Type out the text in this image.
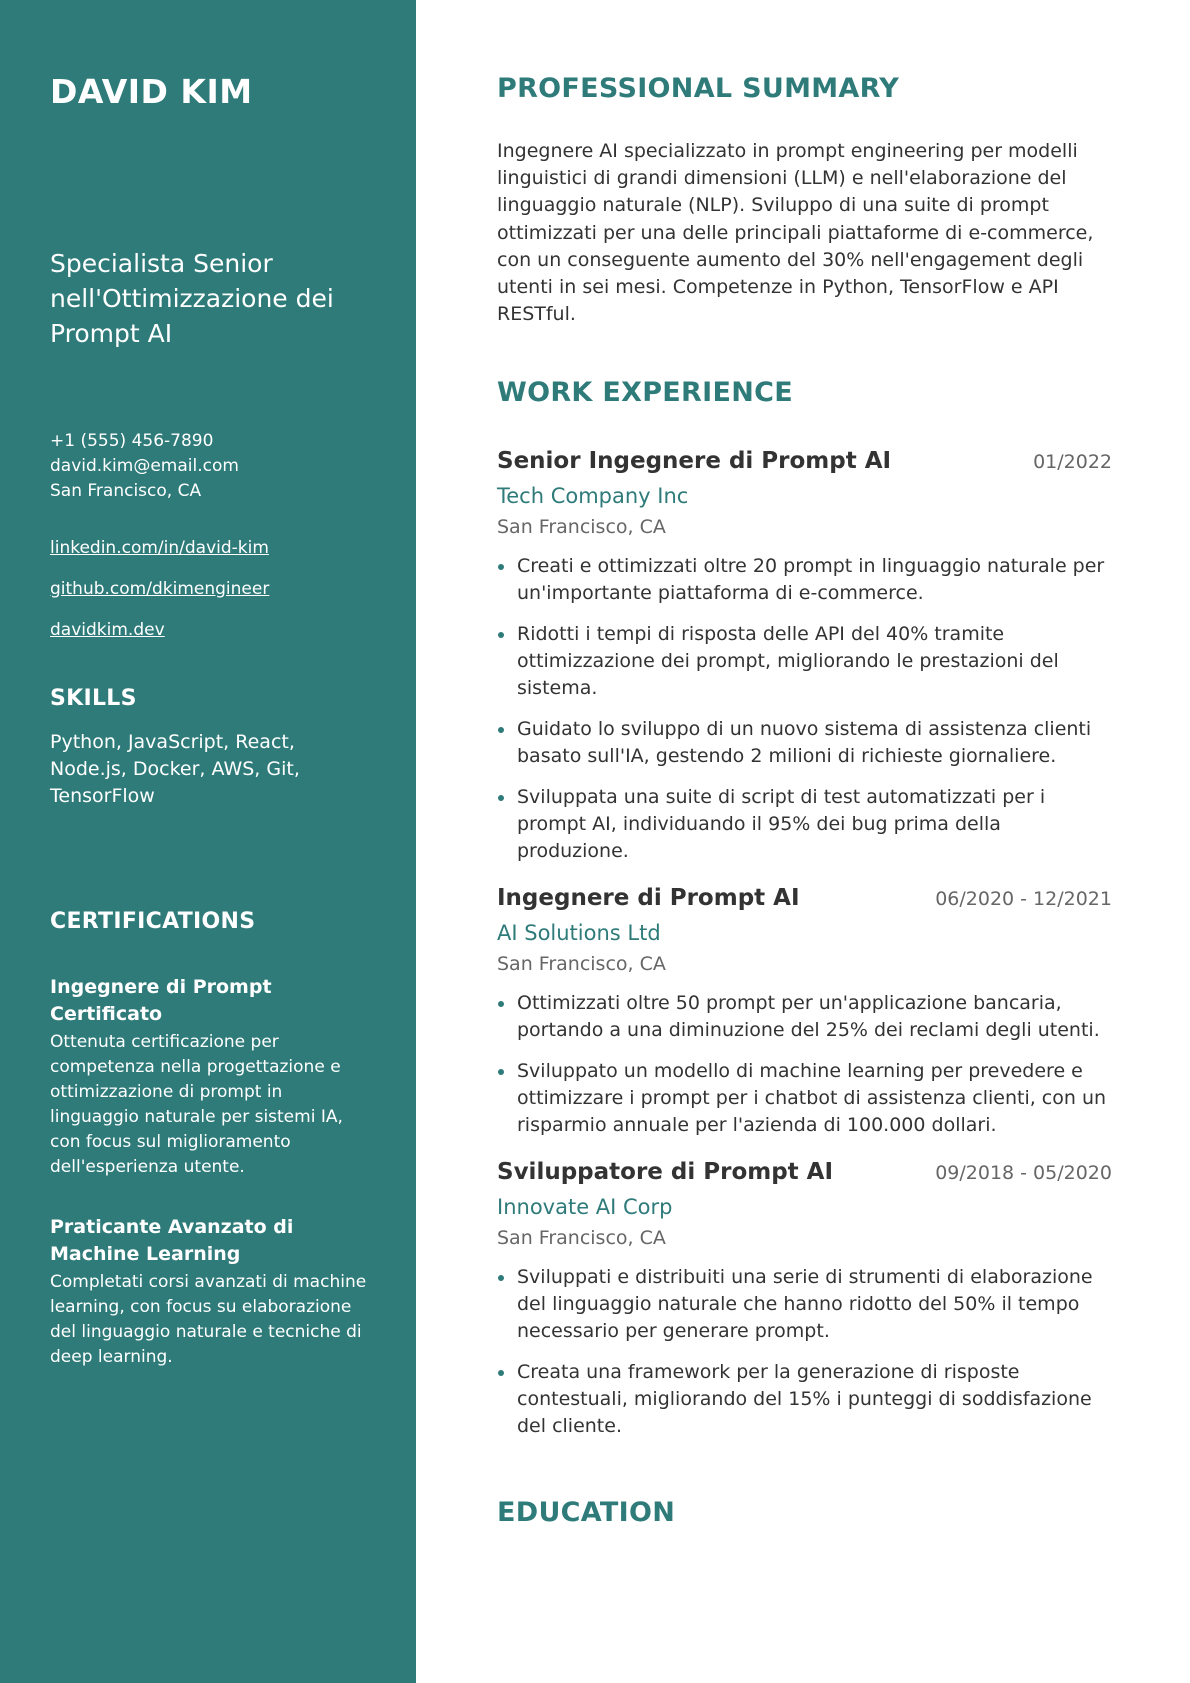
DAVID KIM
Specialista Senior nell'Ottimizzazione dei Prompt AI
+1 (555) 456-7890
david.kim@email.com
San Francisco, CA
linkedin.com/in/david-kim
github.com/dkimengineer
davidkim.dev
SKILLS
Python, JavaScript, React, Node.js, Docker, AWS, Git, TensorFlow
CERTIFICATIONS
Ingegnere di Prompt Certificato
Ottenuta certificazione per competenza nella progettazione e ottimizzazione di prompt in linguaggio naturale per sistemi IA, con focus sul miglioramento dell'esperienza utente.
Praticante Avanzato di Machine Learning
Completati corsi avanzati di machine learning, con focus su elaborazione del linguaggio naturale e tecniche di deep learning.
PROFESSIONAL SUMMARY

Ingegnere AI specializzato in prompt engineering per modelli linguistici di grandi dimensioni (LLM) e nell'elaborazione del linguaggio naturale (NLP). Sviluppo di una suite di prompt ottimizzati per una delle principali piattaforme di e-commerce, con un conseguente aumento del 30% nell'engagement degli utenti in sei mesi. Competenze in Python, TensorFlow e API RESTful.

WORK EXPERIENCE
Senior Ingegnere di Prompt AI	01/2022
Tech Company Inc
San Francisco, CA
Creati e ottimizzati oltre 20 prompt in linguaggio naturale per un'importante piattaforma di e-commerce.
Ridotti i tempi di risposta delle API del 40% tramite ottimizzazione dei prompt, migliorando le prestazioni del sistema.
Guidato lo sviluppo di un nuovo sistema di assistenza clienti basato sull'IA, gestendo 2 milioni di richieste giornaliere.
Sviluppata una suite di script di test automatizzati per i prompt AI, individuando il 95% dei bug prima della produzione.
Ingegnere di Prompt AI	06/2020 - 12/2021
AI Solutions Ltd
San Francisco, CA
Ottimizzati oltre 50 prompt per un'applicazione bancaria, portando a una diminuzione del 25% dei reclami degli utenti.
Sviluppato un modello di machine learning per prevedere e ottimizzare i prompt per i chatbot di assistenza clienti, con un risparmio annuale per l'azienda di 100.000 dollari.
Sviluppatore di Prompt AI	09/2018 - 05/2020
Innovate AI Corp
San Francisco, CA
Sviluppati e distribuiti una serie di strumenti di elaborazione del linguaggio naturale che hanno ridotto del 50% il tempo necessario per generare prompt.
Creata una framework per la generazione di risposte contestuali, migliorando del 15% i punteggi di soddisfazione del cliente.
EDUCATION
